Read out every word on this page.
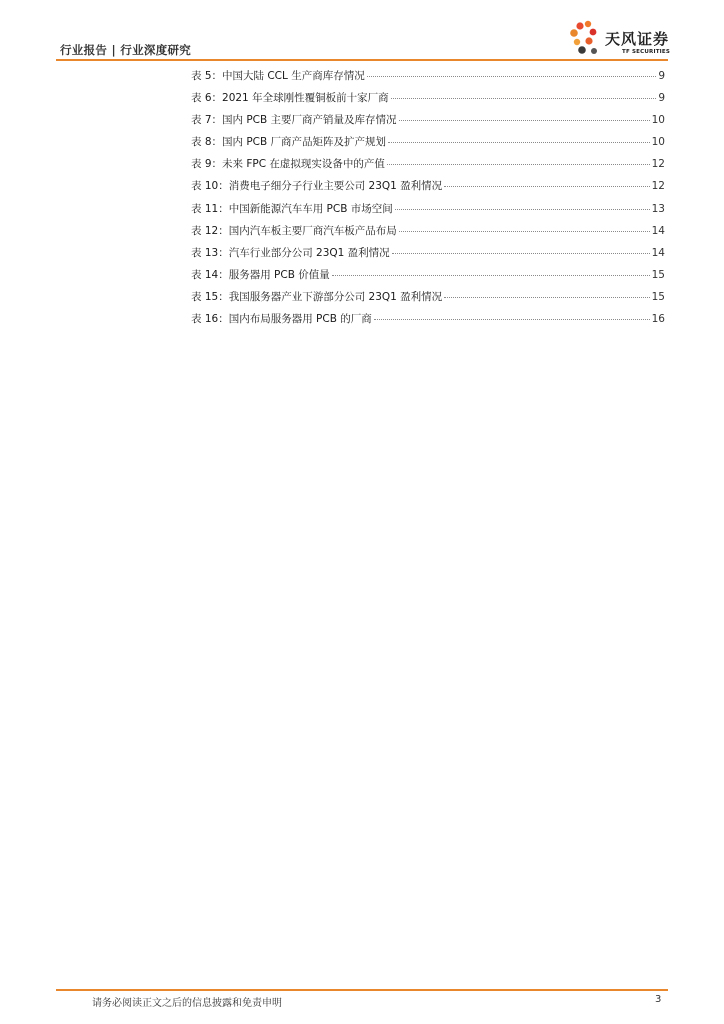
行业报告 | 行业深度研究
天风证券
TF SECURITIES
表 5：中国大陆 CCL 生产商库存情况	9
表 6：2021 年全球刚性覆铜板前十家厂商	9
表 7：国内 PCB 主要厂商产销量及库存情况	10
表 8：国内 PCB 厂商产品矩阵及扩产规划	10
表 9：未来 FPC 在虚拟现实设备中的产值	12
表 10：消费电子细分子行业主要公司 23Q1 盈利情况	12
表 11：中国新能源汽车车用 PCB 市场空间	13
表 12：国内汽车板主要厂商汽车板产品布局	14
表 13：汽车行业部分公司 23Q1 盈利情况	14
表 14：服务器用 PCB 价值量	15
表 15：我国服务器产业下游部分公司 23Q1 盈利情况	15
表 16：国内布局服务器用 PCB 的厂商	16
请务必阅读正文之后的信息披露和免责申明	3
